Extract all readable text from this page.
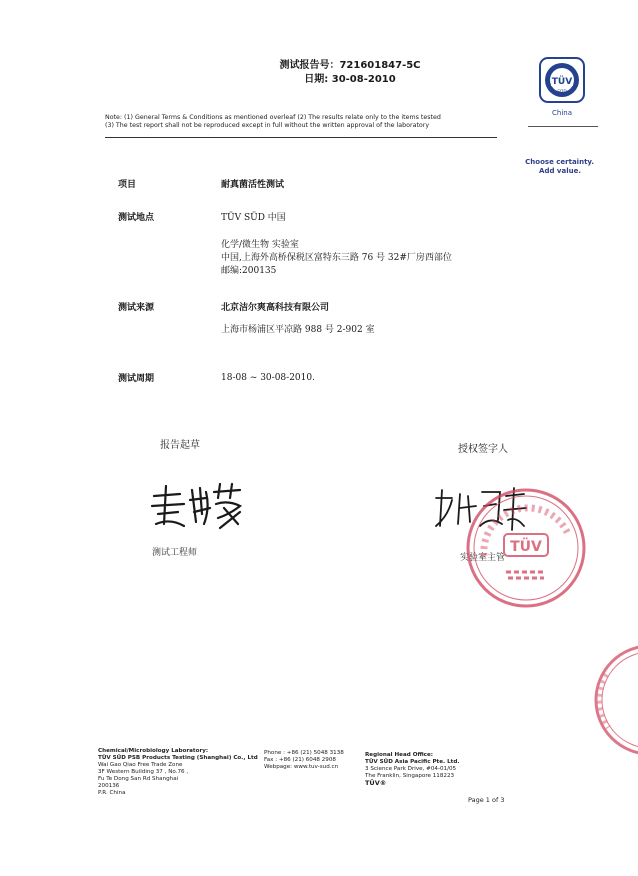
测试报告号：721601847-5C
日期: 30-08-2010	TÜV
SÜD
China
Choose certainty.
Add value.
Note: (1) General Terms & Conditions as mentioned overleaf (2) The results relate only to the items tested
(3) The test report shall not be reproduced except in full without the written approval of the laboratory
项目	耐真菌活性测试
测试地点	TÜV SÜD 中国
化学/微生物 实验室
中国,上海外高桥保税区富特东三路 76 号 32#厂房西部位
邮编:200135
测试来源	北京洁尔爽高科技有限公司
上海市杨浦区平凉路 988 号 2-902 室
测试周期	18-08 ~ 30-08-2010.
报告起草	授权签字人
测试工程师	实验室主管
TÜV
Chemical/Microbiology Laboratory:
TÜV SÜD PSB Products Testing (Shanghai) Co., Ltd
Wai Gao Qiao Free Trade Zone
3F Western Building 37 , No.76 ,
Fu Te Dong San Rd Shanghai
200136
P.R. China
Phone : +86 (21) 5048 3138
Fax : +86 (21) 6048 2908
Webpage: www.tuv-sud.cn
Regional Head Office:
TÜV SÜD Asia Pacific Pte. Ltd.
3 Science Park Drive, #04-01/05
The Franklin, Singapore 118223
TÜV®
Page 1 of 3
